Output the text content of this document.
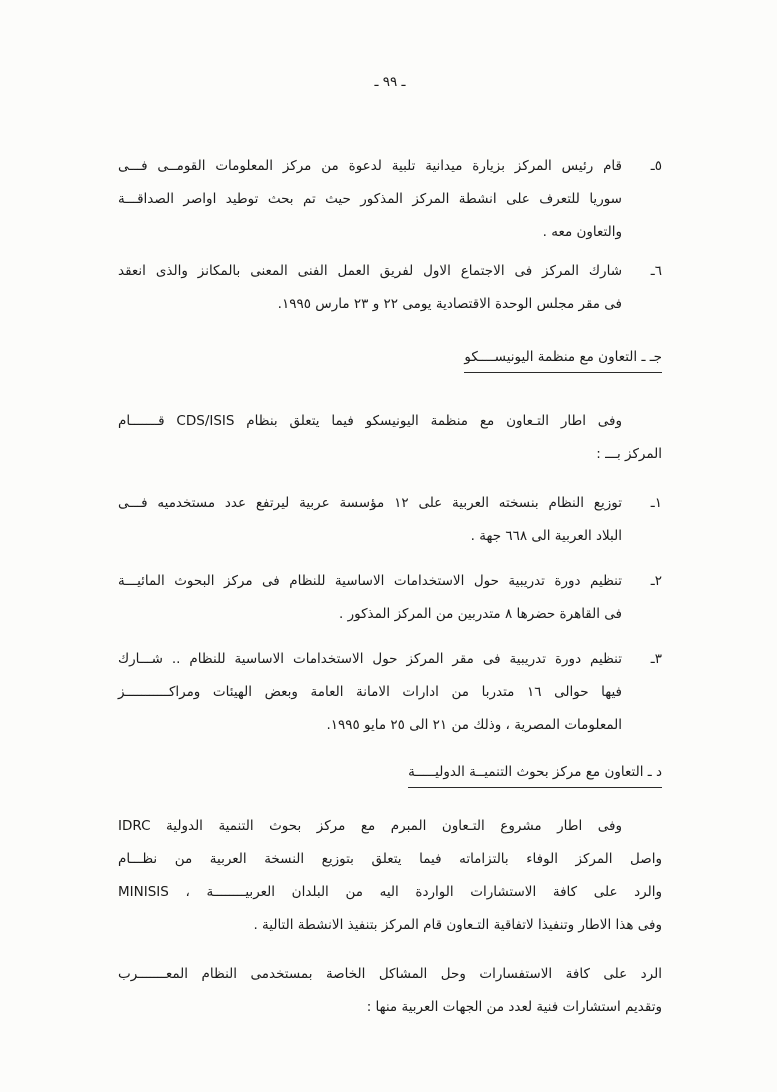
ـ ٩٩ ـ
٥ـ
قام رئيس المركز بزيارة ميدانية تلبية لدعوة من مركز المعلومات القومــى فـــى
سوريا للتعرف على انشطة المركز المذكور حيث تم بحث توطيد اواصر الصداقـــة
والتعاون معه .
٦ـ
شارك المركز فى الاجتماع الاول لفريق العمل الفنى المعنى بالمكانز والذى انعقد
فى مقر مجلس الوحدة الاقتصادية يومى ٢٢ و ٢٣ مارس ١٩٩٥.
جـ ـ التعاون مع منظمة اليونيســــكو
وفى اطار التـعاون مع منظمة اليونيسكو فيما يتعلق بنظام CDS/ISIS قـــــــام
المركز بـــ :
١ـ
توزيع النظام بنسخته العربية على ١٢ مؤسسة عربية ليرتفع عدد مستخدميه فـــى
البلاد العربية الى ٦٦٨ جهة .
٢ـ
تنظيم دورة تدريبية حول الاستخدامات الاساسية للنظام فى مركز البحوث المائيـــة
فى القاهرة حضرها ٨ متدربين من المركز المذكور .
٣ـ
تنظيم دورة تدريبية فى مقر المركز حول الاستخدامات الاساسية للنظام .. شـــارك
فيها حوالى ١٦ متدربا من ادارات الامانة العامة وبعض الهيئات ومراكـــــــــــز
المعلومات المصرية ، وذلك من ٢١ الى ٢٥ مايو ١٩٩٥.
د ـ التعاون مع مركز بحوث التنميــة الدوليـــــة
وفى اطار مشروع التـعاون المبرم مع مركز بحوث التنمية الدولية IDRC
واصل المركز الوفاء بالتزاماته فيما يتعلق بتوزيع النسخة العربية من نظـــام
والرد على كافة الاستشارات الواردة اليه من البلدان العربيــــــــة ، MINISIS
وفى هذا الاطار وتنفيذا لاتفاقية التـعاون قام المركز بتنفيذ الانشطة التالية .
الرد على كافة الاستفسارات وحل المشاكل الخاصة بمستخدمى النظام المعـــــــرب
وتقديم استشارات فنية لعدد من الجهات العربية منها :
